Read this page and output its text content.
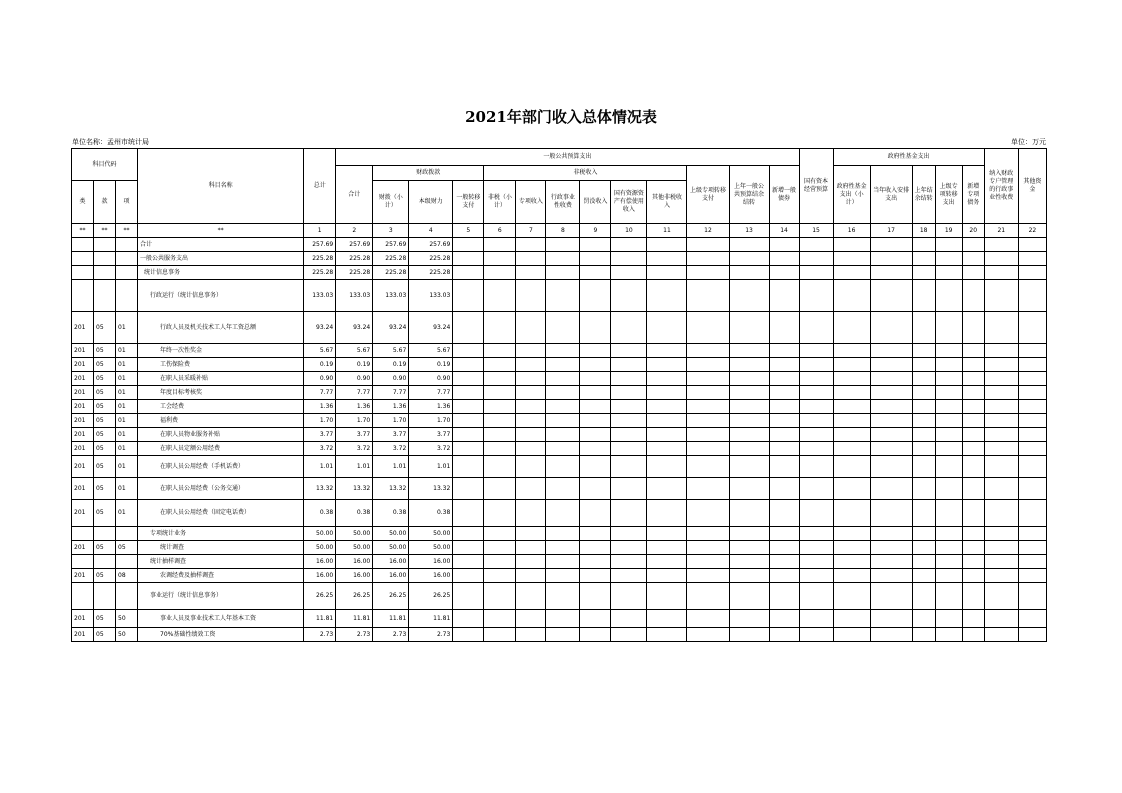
2021年部门收入总体情况表
单位名称：孟州市统计局	单位：万元
科目代码			科目名称	总计	一般公共预算支出													国有资本经营预算	政府性基金支出					纳入财政专户管理的行政事业性收费	其他资金
					合计	财政拨款			非税收入						上级专项转移支付	上年一般公共预算结余结转	新增一般债券		政府性基金支出（小计）	当年收入安排支出	上年结余结转	上级专项转移支出	新增专项债务		
类	款	项				财拨（小计）	本级财力	一般转移支付	非税（小计）	专项收入	行政事业性收费	罚没收入	国有资源资产有偿使用收入	其他非税收入											
**	**	**	**	1	2	3	4	5	6	7	8	9	10	11	12	13	14	15	16	17	18	19	20	21	22
			合计	257.69	257.69	257.69	257.69																		
			一般公共服务支出	225.28	225.28	225.28	225.28																		
			统计信息事务	225.28	225.28	225.28	225.28																		
			行政运行（统计信息事务）	133.03	133.03	133.03	133.03																		
201	05	01	行政人员及机关技术工人年工资总额	93.24	93.24	93.24	93.24																		
201	05	01	年终一次性奖金	5.67	5.67	5.67	5.67																		
201	05	01	工伤保险费	0.19	0.19	0.19	0.19																		
201	05	01	在职人员采暖补贴	0.90	0.90	0.90	0.90																		
201	05	01	年度目标考核奖	7.77	7.77	7.77	7.77																		
201	05	01	工会经费	1.36	1.36	1.36	1.36																		
201	05	01	福利费	1.70	1.70	1.70	1.70																		
201	05	01	在职人员物业服务补贴	3.77	3.77	3.77	3.77																		
201	05	01	在职人员定额公用经费	3.72	3.72	3.72	3.72																		
201	05	01	在职人员公用经费（手机话费）	1.01	1.01	1.01	1.01																		
201	05	01	在职人员公用经费（公务交通）	13.32	13.32	13.32	13.32																		
201	05	01	在职人员公用经费（固定电话费）	0.38	0.38	0.38	0.38																		
			专项统计业务	50.00	50.00	50.00	50.00																		
201	05	05	统计调查	50.00	50.00	50.00	50.00																		
			统计抽样调查	16.00	16.00	16.00	16.00																		
201	05	08	农调经费及抽样调查	16.00	16.00	16.00	16.00																		
			事业运行（统计信息事务）	26.25	26.25	26.25	26.25																		
201	05	50	事业人员及事业技术工人年基本工资	11.81	11.81	11.81	11.81																		
201	05	50	70%基础性绩效工资	2.73	2.73	2.73	2.73																		
